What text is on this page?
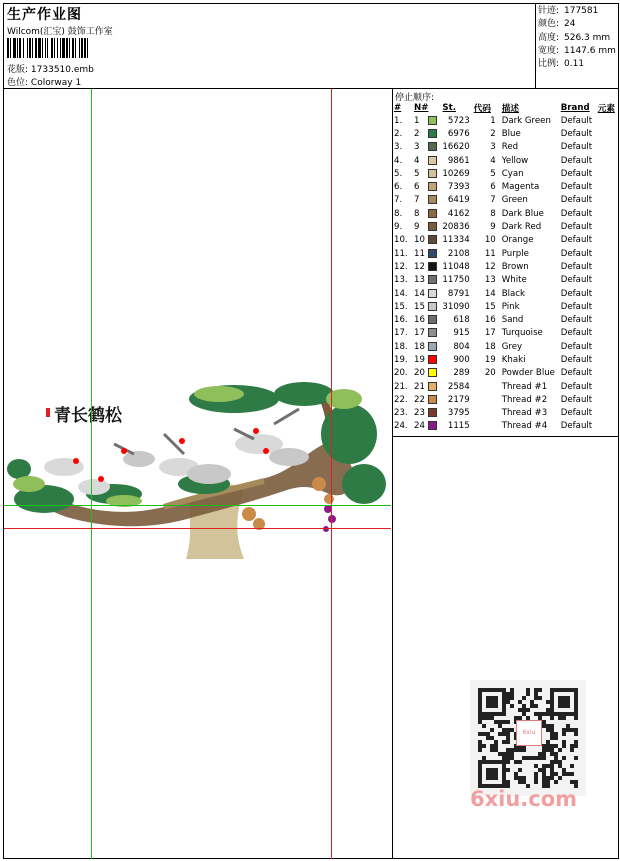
生产作业图
Wilcom(汇宝) 鼓饰工作室
花版: 1733510.emb
色位: Colorway 1
针迹: 177581
颜色: 24
高度: 526.3 mm
宽度: 1147.6 mm
比例: 0.11
停止顺序:
#	N#		St.	代码	描述	Brand	元素
1.	1		5723	1	Dark Green	Default	
2.	2		6976	2	Blue	Default	
3.	3		16620	3	Red	Default	
4.	4		9861	4	Yellow	Default	
5.	5		10269	5	Cyan	Default	
6.	6		7393	6	Magenta	Default	
7.	7		6419	7	Green	Default	
8.	8		4162	8	Dark Blue	Default	
9.	9		20836	9	Dark Red	Default	
10.	10		11334	10	Orange	Default	
11.	11		2108	11	Purple	Default	
12.	12		11048	12	Brown	Default	
13.	13		11750	13	White	Default	
14.	14		8791	14	Black	Default	
15.	15		31090	15	Pink	Default	
16.	16		618	16	Sand	Default	
17.	17		915	17	Turquoise	Default	
18.	18		804	18	Grey	Default	
19.	19		900	19	Khaki	Default	
20.	20		289	20	Powder Blue	Default	
21.	21		2584		Thread #1	Default	
22.	22		2179		Thread #2	Default	
23.	23		3795		Thread #3	Default	
24.	24		1115		Thread #4	Default	
青长鹤松
6xiu
6xiu.com
